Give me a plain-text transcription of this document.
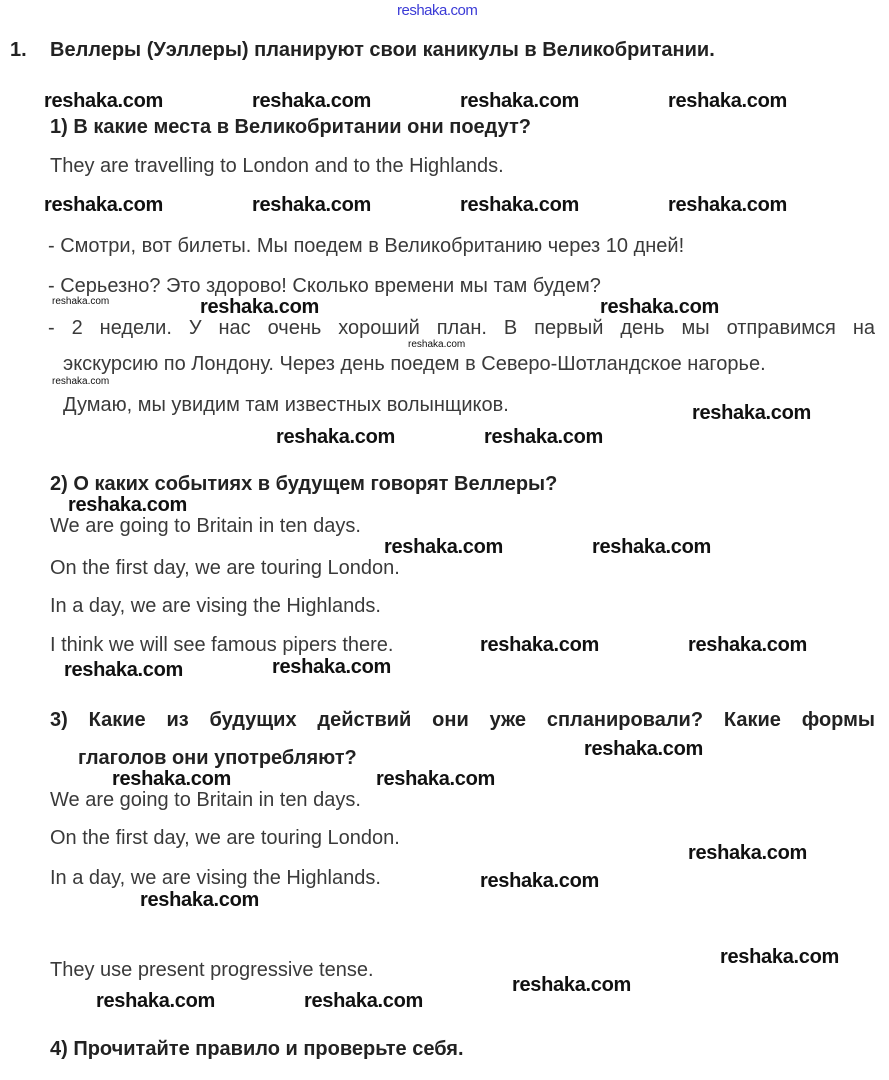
reshaka.com
1. Веллеры (Уэллеры) планируют свои каникулы в Великобритании.
1) В какие места в Великобритании они поедут?
They are travelling to London and to the Highlands.
- Смотри, вот билеты. Мы поедем в Великобританию через 10 дней!
- Серьезно? Это здорово! Сколько времени мы там будем?
- 2 недели. У нас очень хороший план. В первый день мы отправимся на
экскурсию по Лондону. Через день поедем в Северо-Шотландское нагорье.
Думаю, мы увидим там известных волынщиков.
2) О каких событиях в будущем говорят Веллеры?
We are going to Britain in ten days.
On the first day, we are touring London.
In a day, we are vising the Highlands.
I think we will see famous pipers there.
3) Какие из будущих действий они уже спланировали? Какие формы
глаголов они употребляют?
We are going to Britain in ten days.
On the first day, we are touring London.
In a day, we are vising the Highlands.
They use present progressive tense.
4) Прочитайте правило и проверьте себя.
reshaka.com	reshaka.com	reshaka.com	reshaka.com
reshaka.com	reshaka.com	reshaka.com	reshaka.com
reshaka.com	reshaka.com	reshaka.com
reshaka.com
reshaka.com
reshaka.com
reshaka.com	reshaka.com
reshaka.com
reshaka.com	reshaka.com
reshaka.com	reshaka.com
reshaka.com
reshaka.com
reshaka.com
reshaka.com	reshaka.com
reshaka.com
reshaka.com
reshaka.com
reshaka.com
reshaka.com
reshaka.com	reshaka.com
